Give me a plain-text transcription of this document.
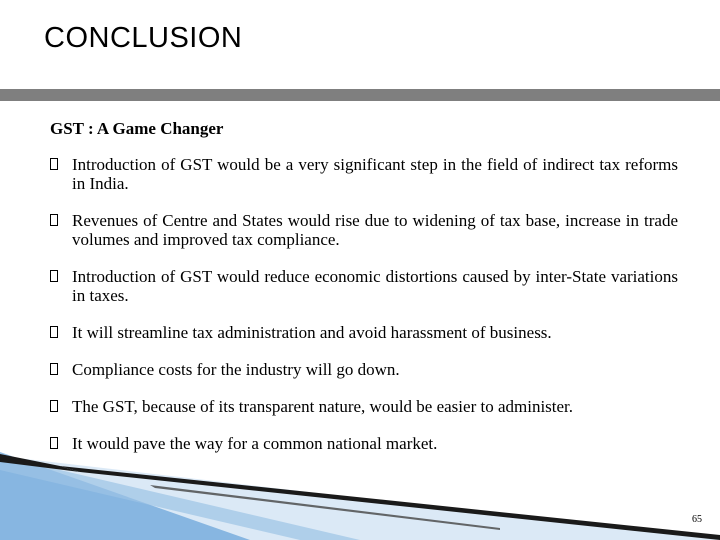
CONCLUSION
GST : A Game Changer
Introduction of GST would be a very significant step in the field of indirect tax reforms in India.
Revenues of Centre and States would rise due to widening of tax base, increase in trade volumes and improved tax compliance.
Introduction of GST would reduce economic distortions caused by inter-State variations in taxes.
It will streamline tax administration and avoid harassment of business.
Compliance costs for the industry will go down.
The GST, because of its transparent nature, would be easier to administer.
It would pave the way for a common national market.
65
